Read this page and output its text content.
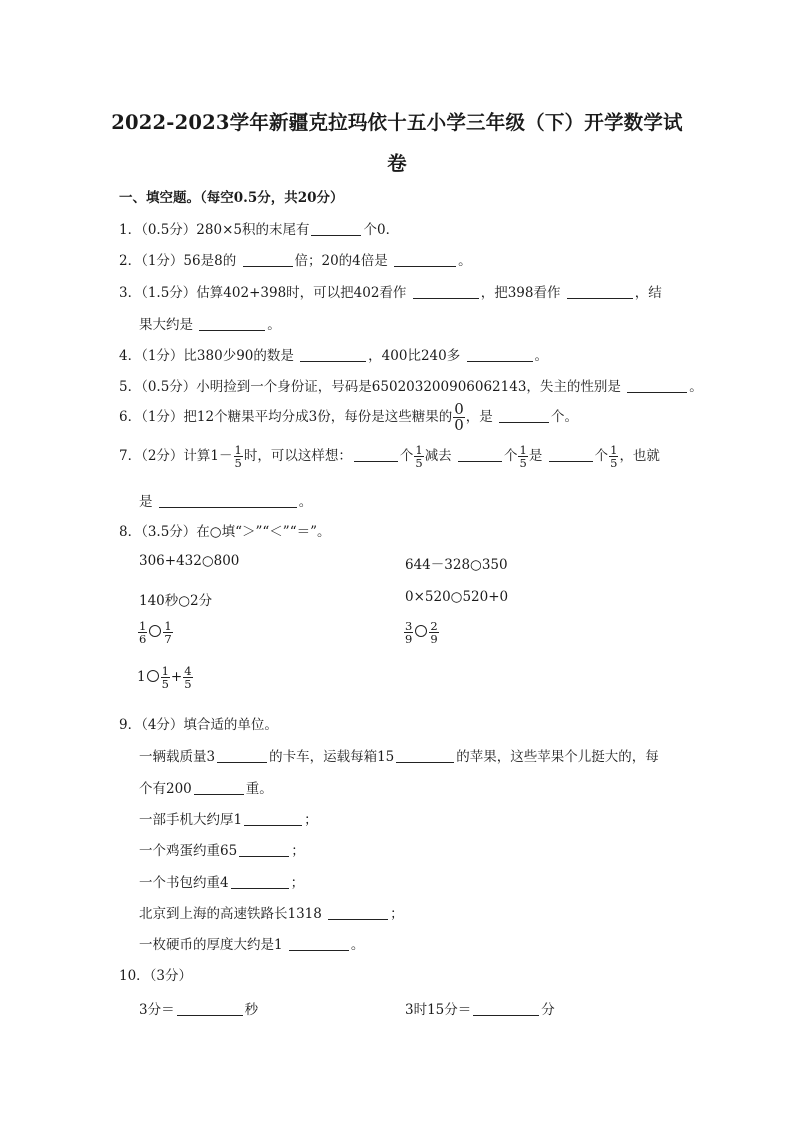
2022-2023学年新疆克拉玛依十五小学三年级（下）开学数学试
卷
一、填空题。（每空0.5分，共20分）
1．（0.5分）280×5积的末尾有	个0．
2．（1分）56是8的	倍；20的4倍是	。
3．（1.5分）估算402+398时，可以把402看作	，把398看作	，结
果大约是	。
4．（1分）比380少90的数是	，400比240多	。
5．（0.5分）小明捡到一个身份证，号码是650203200906062143，失主的性别是	。
6．（1分）把12个糖果平均分成3份，每份是这些糖果的 $\frac{0}{0}$ ，是	个。
7．（2分）计算$1- \frac{1}{5}$ 时，可以这样想：	个 $\frac{1}{5}$ 减去	个 $\frac{1}{5}$ 是	个 $\frac{1}{5}$ ，也就
是	。
8．（3.5分）在○填“＞”“＜”“＝”。
306+432○800	644－328○350
140秒○2分	0×520○520+0
$\frac{1}{6} \frac{1}{7}$	$\frac{3}{9} \frac{2}{9}$
$1 \frac{1}{5} + \frac{4}{5}$
9．（4分）填合适的单位。
一辆载质量3	的卡车，运载每箱15	的苹果，这些苹果个儿挺大的，每
个有200	重。
一部手机大约厚1	；
一个鸡蛋约重65	；
一个书包约重4	；
北京到上海的高速铁路长1318	；
一枚硬币的厚度大约是1	。
10．（3分）
3分＝	秒	3时15分＝	分
